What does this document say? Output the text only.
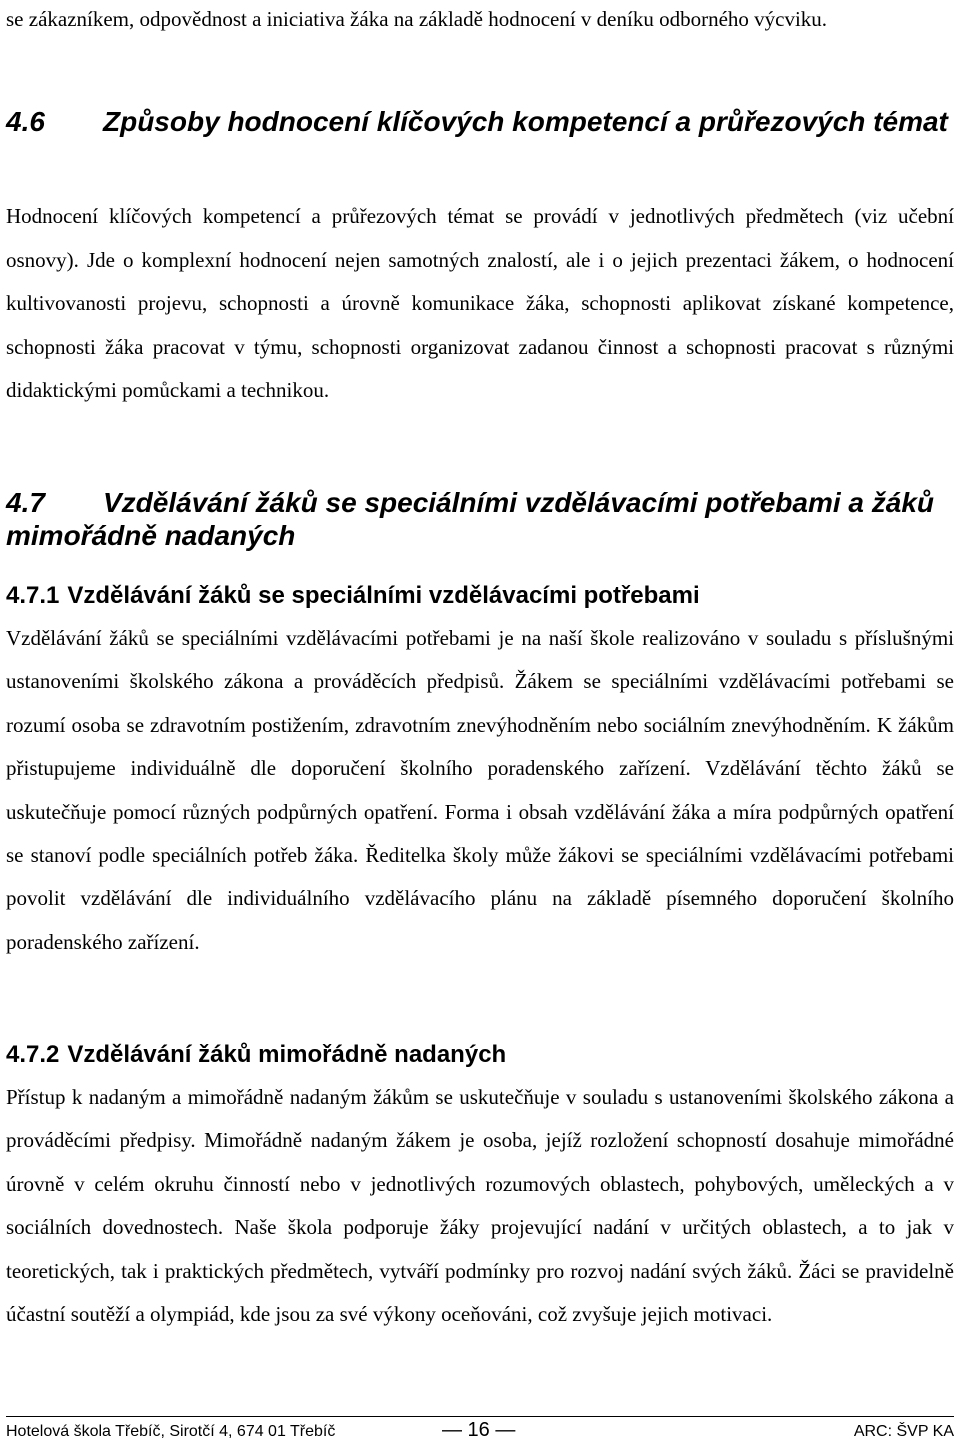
se zákazníkem, odpovědnost a iniciativa žáka na základě hodnocení v deníku odborného výcviku.

4.6 Způsoby hodnocení klíčových kompetencí a průřezových témat

Hodnocení klíčových kompetencí a průřezových témat se provádí v jednotlivých předmětech (viz učební osnovy). Jde o komplexní hodnocení nejen samotných znalostí, ale i o jejich prezentaci žákem, o hodnocení kultivovanosti projevu, schopnosti a úrovně komunikace žáka, schopnosti aplikovat získané kompetence, schopnosti žáka pracovat v týmu, schopnosti organizovat zadanou činnost a schopnosti pracovat s různými didaktickými pomůckami a technikou.

4.7 Vzdělávání žáků se speciálními vzdělávacími potřebami a žáků mimořádně nadaných
4.7.1 Vzdělávání žáků se speciálními vzdělávacími potřebami

Vzdělávání žáků se speciálními vzdělávacími potřebami je na naší škole realizováno v souladu s příslušnými ustanoveními školského zákona a prováděcích předpisů. Žákem se speciálními vzdělávacími potřebami se rozumí osoba se zdravotním postižením, zdravotním znevýhodněním nebo sociálním znevýhodněním. K žákům přistupujeme individuálně dle doporučení školního poradenského zařízení. Vzdělávání těchto žáků se uskutečňuje pomocí různých podpůrných opatření. Forma i obsah vzdělávání žáka a míra podpůrných opatření se stanoví podle speciálních potřeb žáka. Ředitelka školy může žákovi se speciálními vzdělávacími potřebami povolit vzdělávání dle individuálního vzdělávacího plánu na základě písemného doporučení školního poradenského zařízení.

4.7.2 Vzdělávání žáků mimořádně nadaných

Přístup k nadaným a mimořádně nadaným žákům se uskutečňuje v souladu s ustanoveními školského zákona a prováděcími předpisy. Mimořádně nadaným žákem je osoba, jejíž rozložení schopností dosahuje mimořádné úrovně v celém okruhu činností nebo v jednotlivých rozumových oblastech, pohybových, uměleckých a v sociálních dovednostech. Naše škola podporuje žáky projevující nadání v určitých oblastech, a to jak v teoretických, tak i praktických předmětech, vytváří podmínky pro rozvoj nadání svých žáků. Žáci se pravidelně účastní soutěží a olympiád, kde jsou za své výkony oceňováni, což zvyšuje jejich motivaci.

Hotelová škola Třebíč, Sirotčí 4, 674 01 Třebíč	— 16 —	ARC: ŠVP KA
